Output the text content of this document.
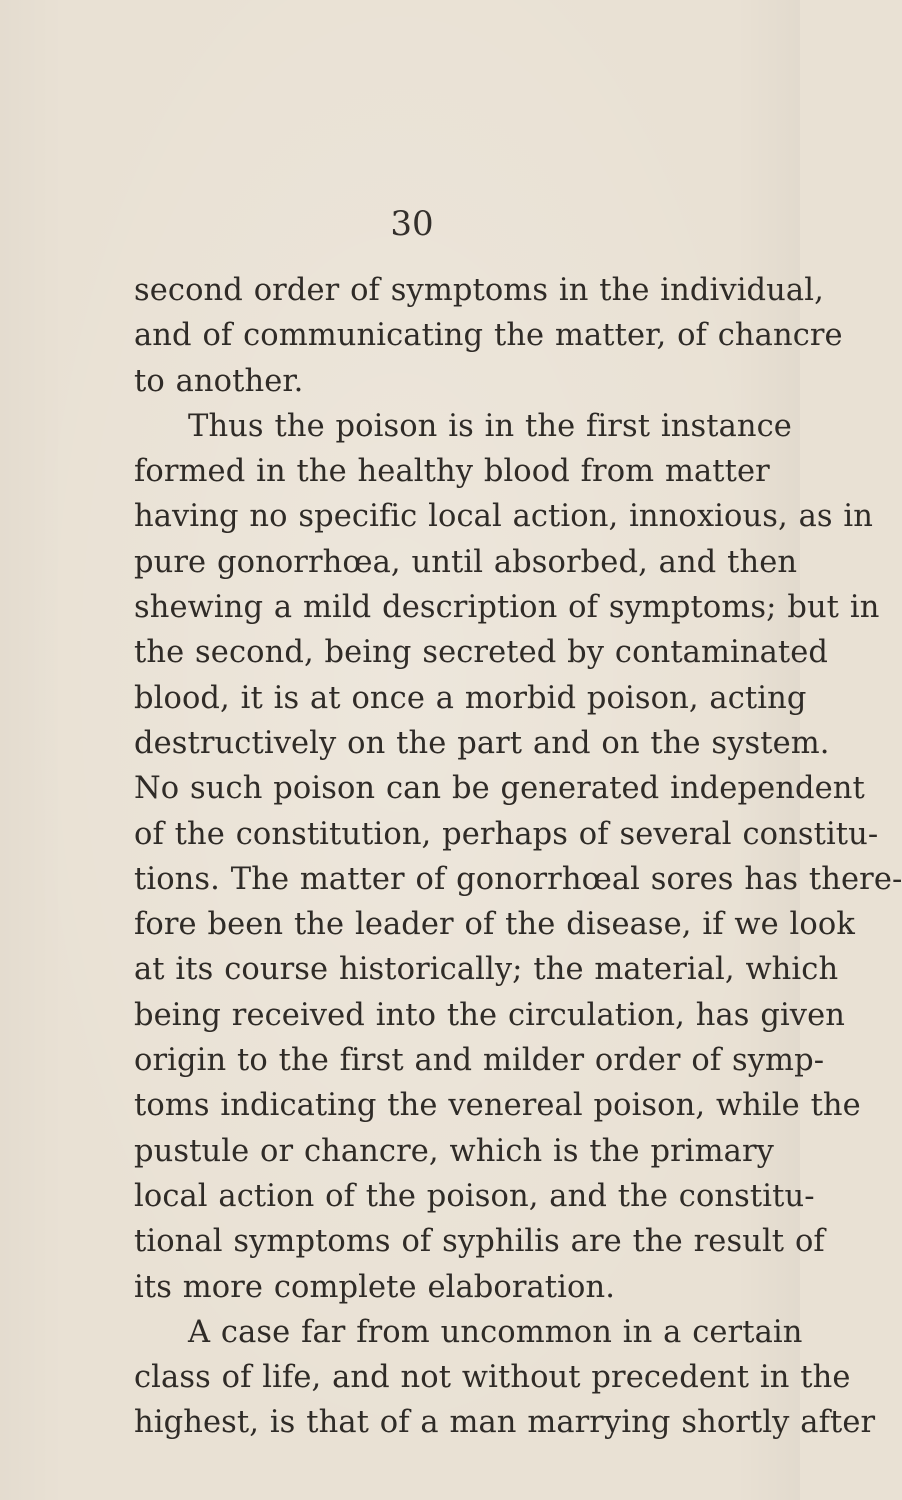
30
second order of symptoms in the individual,
and of communicating the matter, of chancre
to another.
Thus the poison is in the first instance
formed in the healthy blood from matter
having no specific local action, innoxious, as in
pure gonorrhœa, until absorbed, and then
shewing a mild description of symptoms; but in
the second, being secreted by contaminated
blood, it is at once a morbid poison, acting
destructively on the part and on the system.
No such poison can be generated independent
of the constitution, perhaps of several constitu-
tions. The matter of gonorrhœal sores has there-
fore been the leader of the disease, if we look
at its course historically; the material, which
being received into the circulation, has given
origin to the first and milder order of symp-
toms indicating the venereal poison, while the
pustule or chancre, which is the primary
local action of the poison, and the constitu-
tional symptoms of syphilis are the result of
its more complete elaboration.
A case far from uncommon in a certain
class of life, and not without precedent in the
highest, is that of a man marrying shortly after
